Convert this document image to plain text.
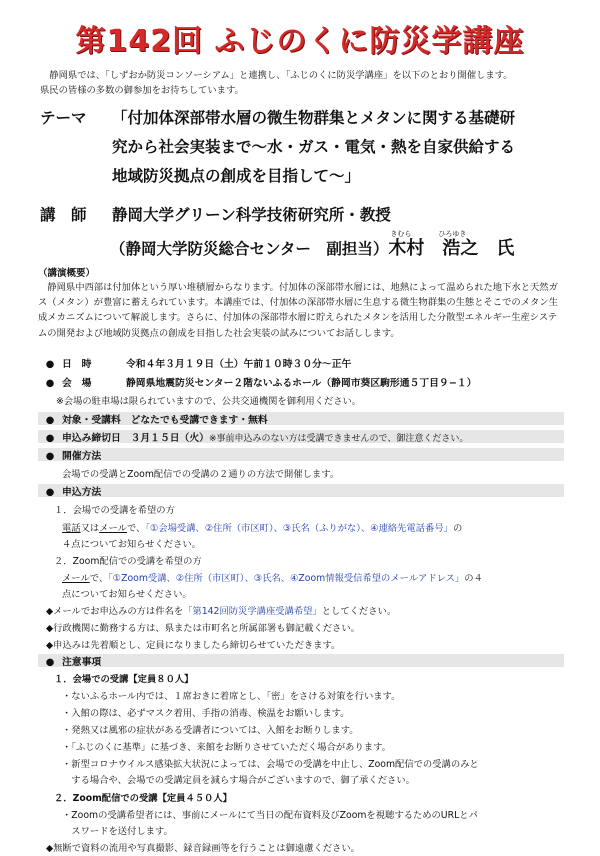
第142回 ふじのくに防災学講座
静岡県では、「しずおか防災コンソーシアム」と連携し、「ふじのくに防災学講座」を以下のとおり開催します。
県民の皆様の多数の御参加をお待ちしています。
テーマ 「付加体深部帯水層の微生物群集とメタンに関する基礎研
究から社会実装まで〜水・ガス・電気・熱を自家供給する
地域防災拠点の創成を目指して〜」
講　師 静岡大学グリーン科学技術研究所・教授
（静岡大学防災総合センター　副担当）
きむら	ひろゆき
木村　浩之　氏
（講演概要）
静岡県中西部は付加体という厚い堆積層からなります。付加体の深部帯水層には、地熱によって温められた地下水と天然ガス（メタン）が豊富に蓄えられています。本講座では、付加体の深部帯水層に生息する微生物群集の生態とそこでのメタン生成メカニズムについて解説します。さらに、付加体の深部帯水層に貯えられたメタンを活用した分散型エネルギー生産システムの開発および地域防災拠点の創成を目指した社会実装の試みについてお話しします。
● 日　時	令和４年３月１９日（土）午前１０時３０分〜正午
● 会　場	静岡県地震防災センター２階ないふるホール（静岡市葵区駒形通５丁目９−１）
※会場の駐車場は限られていますので、公共交通機関を御利用ください。
● 対象・受講料　どなたでも受講できます・無料
● 申込み締切日　 ３月１５日（火）※事前申込みのない方は受講できませんので、御注意ください。
● 開催方法
会場での受講とZoom配信での受講の２通りの方法で開催します。
● 申込方法
１．会場での受講を希望の方
電話又はメールで、「①会場受講、②住所（市区町）、③氏名（ふりがな）、④連絡先電話番号」の
４点についてお知らせください。
２．Zoom配信での受講を希望の方
メールで、「①Zoom受講、②住所（市区町）、③氏名、④Zoom情報受信希望のメールアドレス」の４
点についてお知らせください。
◆メールでお申込みの方は件名を「第142回防災学講座受講希望」としてください。
◆行政機関に勤務する方は、県または市町名と所属部署も御記載ください。
◆申込みは先着順とし、定員になりましたら締切らせていただきます。
● 注意事項
１．会場での受講【定員８０人】
・ないふるホール内では、１席おきに着席とし、「密」をさける対策を行います。
・入館の際は、必ずマスク着用、手指の消毒、検温をお願いします。
・発熱又は風邪の症状がある受講者については、入館をお断りします。
・「ふじのくに基準」に基づき、来館をお断りさせていただく場合があります。
・新型コロナウイルス感染拡大状況によっては、会場での受講を中止し、Zoom配信での受講のみと
　する場合や、会場での受講定員を減らす場合がございますので、御了承ください。
２．Zoom配信での受講【定員４５０人】
・Zoomの受講希望者には、事前にメールにて当日の配布資料及びZoomを視聴するためのURLとパ
　スワードを送付します。
◆無断で資料の流用や写真撮影、録音録画等を行うことは御遠慮ください。
